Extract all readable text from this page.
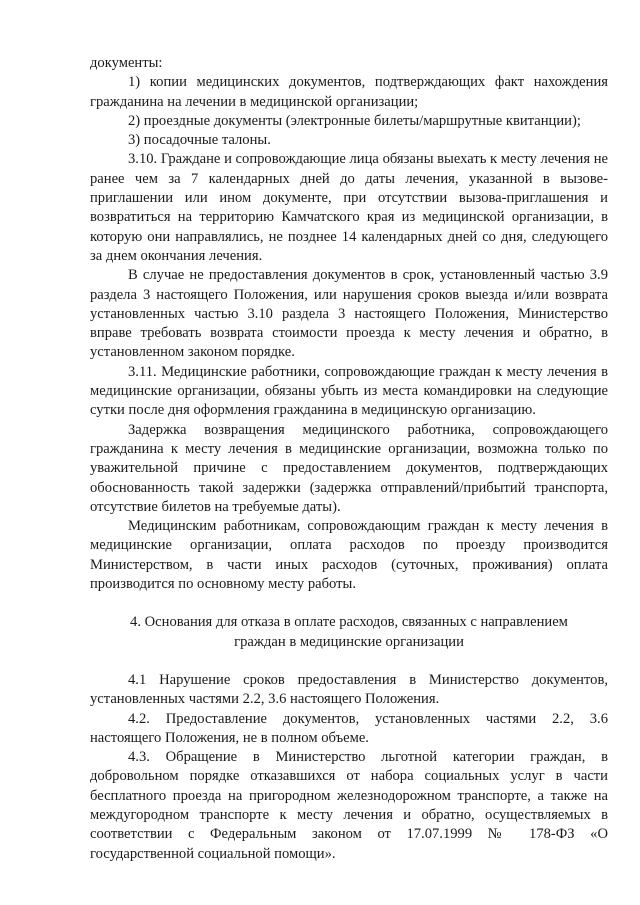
документы:

1) копии медицинских документов, подтверждающих факт нахождения гражданина на лечении в медицинской организации;

2) проездные документы (электронные билеты/маршрутные квитанции);

3) посадочные талоны.

3.10. Граждане и сопровождающие лица обязаны выехать к месту лечения не ранее чем за 7 календарных дней до даты лечения, указанной в вызове-приглашении или ином документе, при отсутствии вызова-приглашения и возвратиться на территорию Камчатского края из медицинской организации, в которую они направлялись, не позднее 14 календарных дней со дня, следующего за днем окончания лечения.

В случае не предоставления документов в срок, установленный частью 3.9 раздела 3 настоящего Положения, или нарушения сроков выезда и/или возврата установленных частью 3.10 раздела 3 настоящего Положения, Министерство вправе требовать возврата стоимости проезда к месту лечения и обратно, в установленном законом порядке.

3.11. Медицинские работники, сопровождающие граждан к месту лечения в медицинские организации, обязаны убыть из места командировки на следующие сутки после дня оформления гражданина в медицинскую организацию.

Задержка возвращения медицинского работника, сопровождающего гражданина к месту лечения в медицинские организации, возможна только по уважительной причине с предоставлением документов, подтверждающих обоснованность такой задержки (задержка отправлений/прибытий транспорта, отсутствие билетов на требуемые даты).

Медицинским работникам, сопровождающим граждан к месту лечения в медицинские организации, оплата расходов по проезду производится Министерством, в части иных расходов (суточных, проживания) оплата производится по основному месту работы.

4. Основания для отказа в оплате расходов, связанных с направлением граждан в медицинские организации

4.1 Нарушение сроков предоставления в Министерство документов, установленных частями 2.2, 3.6 настоящего Положения.

4.2. Предоставление документов, установленных частями 2.2, 3.6 настоящего Положения, не в полном объеме.

4.3. Обращение в Министерство льготной категории граждан, в добровольном порядке отказавшихся от набора социальных услуг в части бесплатного проезда на пригородном железнодорожном транспорте, а также на междугородном транспорте к месту лечения и обратно, осуществляемых в соответствии с Федеральным законом от 17.07.1999 № 178-ФЗ «О государственной социальной помощи».
